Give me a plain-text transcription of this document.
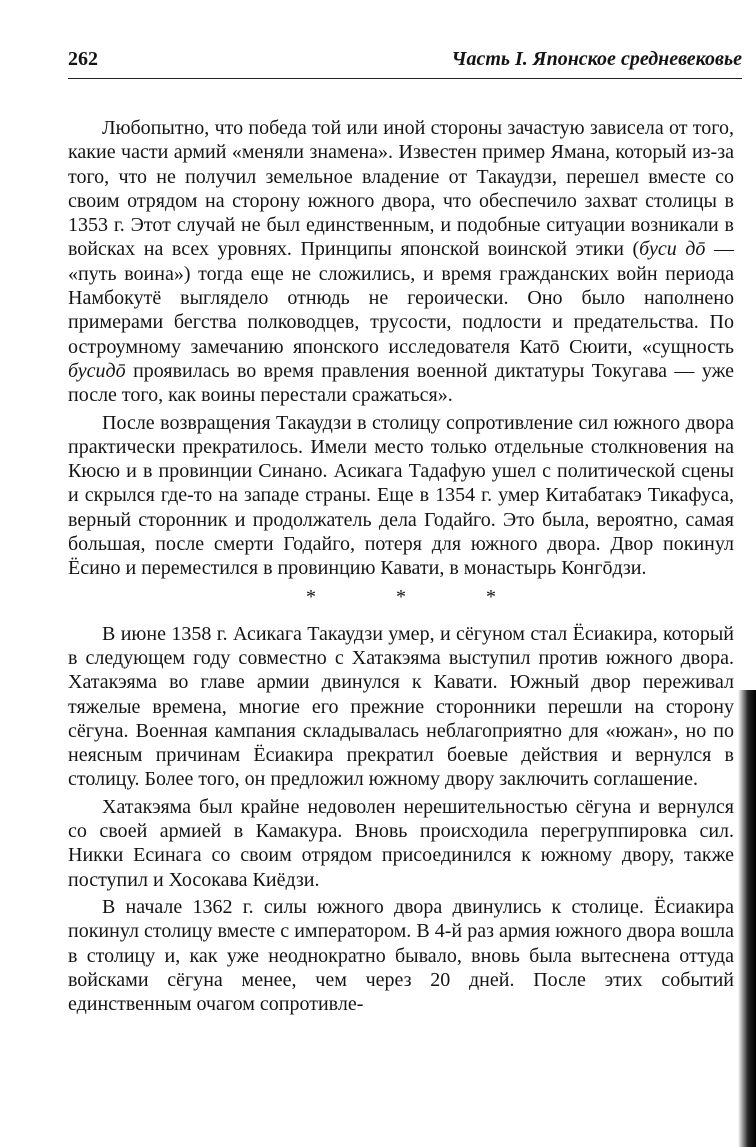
262	Часть I. Японское средневековье

Любопытно, что победа той или иной стороны зачастую зависела от того, какие части армий «меняли знамена». Известен пример Ямана, который из-за того, что не получил земельное владение от Такаудзи, перешел вместе со своим отрядом на сторону южного двора, что обеспечило захват столицы в 1353 г. Этот случай не был единственным, и подобные ситуации возникали в войсках на всех уровнях. Принципы японской воинской этики (буси дō — «путь воина») тогда еще не сложились, и время гражданских войн периода Намбокутё выглядело отнюдь не героически. Оно было наполнено примерами бегства полководцев, трусости, подлости и предательства. По остроумному замечанию японского исследователя Катō Сюити, «сущность бусидō проявилась во время правления военной диктатуры Токугава — уже после того, как воины перестали сражаться».

После возвращения Такаудзи в столицу сопротивление сил южного двора практически прекратилось. Имели место только отдельные столкновения на Кюсю и в провинции Синано. Асикага Тадафую ушел с политической сцены и скрылся где-то на западе страны. Еще в 1354 г. умер Китабатакэ Тикафуса, верный сторонник и продолжатель дела Годайго. Это была, вероятно, самая большая, после смерти Годайго, потеря для южного двора. Двор покинул Ёсино и переместился в провинцию Кавати, в монастырь Конгōдзи.

*	*	*

В июне 1358 г. Асикага Такаудзи умер, и сёгуном стал Ёсиакира, который в следующем году совместно с Хатакэяма выступил против южного двора. Хатакэяма во главе армии двинулся к Кавати. Южный двор переживал тяжелые времена, многие его прежние сторонники перешли на сторону сёгуна. Военная кампания складывалась неблагоприятно для «южан», но по неясным причинам Ёсиакира прекратил боевые действия и вернулся в столицу. Более того, он предложил южному двору заключить соглашение.

Хатакэяма был крайне недоволен нерешительностью сёгуна и вернулся со своей армией в Камакура. Вновь происходила перегруппировка сил. Никки Есинага со своим отрядом присоединился к южному двору, также поступил и Хосокава Киёдзи.

В начале 1362 г. силы южного двора двинулись к столице. Ёсиакира покинул столицу вместе с императором. В 4-й раз армия южного двора вошла в столицу и, как уже неоднократно бывало, вновь была вытеснена оттуда войсками сёгуна менее, чем через 20 дней. После этих событий единственным очагом сопротивле-
